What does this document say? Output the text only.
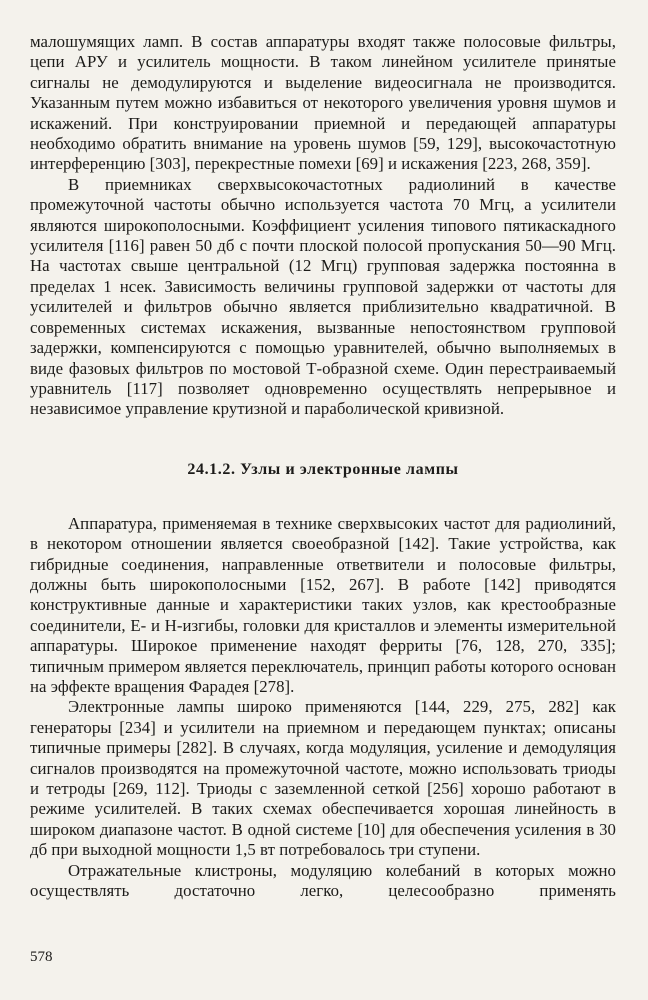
малошумящих ламп. В состав аппаратуры входят также полосовые фильтры, цепи АРУ и усилитель мощности. В таком линейном усилителе принятые сигналы не демодулируются и выделение видеосигнала не производится. Указанным путем можно избавиться от некоторого увеличения уровня шумов и искажений. При конструировании приемной и передающей аппаратуры необходимо обратить внимание на уровень шумов [59, 129], высокочастотную интерференцию [303], перекрестные помехи [69] и искажения [223, 268, 359].

В приемниках сверхвысокочастотных радиолиний в качестве промежуточной частоты обычно используется частота 70 Мгц, а усилители являются широкополосными. Коэффициент усиления типового пятикаскадного усилителя [116] равен 50 дб с почти плоской полосой пропускания 50—90 Мгц. На частотах свыше центральной (12 Мгц) групповая задержка постоянна в пределах 1 нсек. Зависимость величины групповой задержки от частоты для усилителей и фильтров обычно является приблизительно квадратичной. В современных системах искажения, вызванные непостоянством групповой задержки, компенсируются с помощью уравнителей, обычно выполняемых в виде фазовых фильтров по мостовой Т-образной схеме. Один перестраиваемый уравнитель [117] позволяет одновременно осуществлять непрерывное и независимое управление крутизной и параболической кривизной.

24.1.2. Узлы и электронные лампы

Аппаратура, применяемая в технике сверхвысоких частот для радиолиний, в некотором отношении является своеобразной [142]. Такие устройства, как гибридные соединения, направленные ответвители и полосовые фильтры, должны быть широкополосными [152, 267]. В работе [142] приводятся конструктивные данные и характеристики таких узлов, как крестообразные соединители, E- и H-изгибы, головки для кристаллов и элементы измерительной аппаратуры. Широкое применение находят ферриты [76, 128, 270, 335]; типичным примером является переключатель, принцип работы которого основан на эффекте вращения Фарадея [278].

Электронные лампы широко применяются [144, 229, 275, 282] как генераторы [234] и усилители на приемном и передающем пунктах; описаны типичные примеры [282]. В случаях, когда модуляция, усиление и демодуляция сигналов производятся на промежуточной частоте, можно использовать триоды и тетроды [269, 112]. Триоды с заземленной сеткой [256] хорошо работают в режиме усилителей. В таких схемах обеспечивается хорошая линейность в широком диапазоне частот. В одной системе [10] для обеспечения усиления в 30 дб при выходной мощности 1,5 вт потребовалось три ступени.

Отражательные клистроны, модуляцию колебаний в которых можно осуществлять достаточно легко, целесообразно применять

578
